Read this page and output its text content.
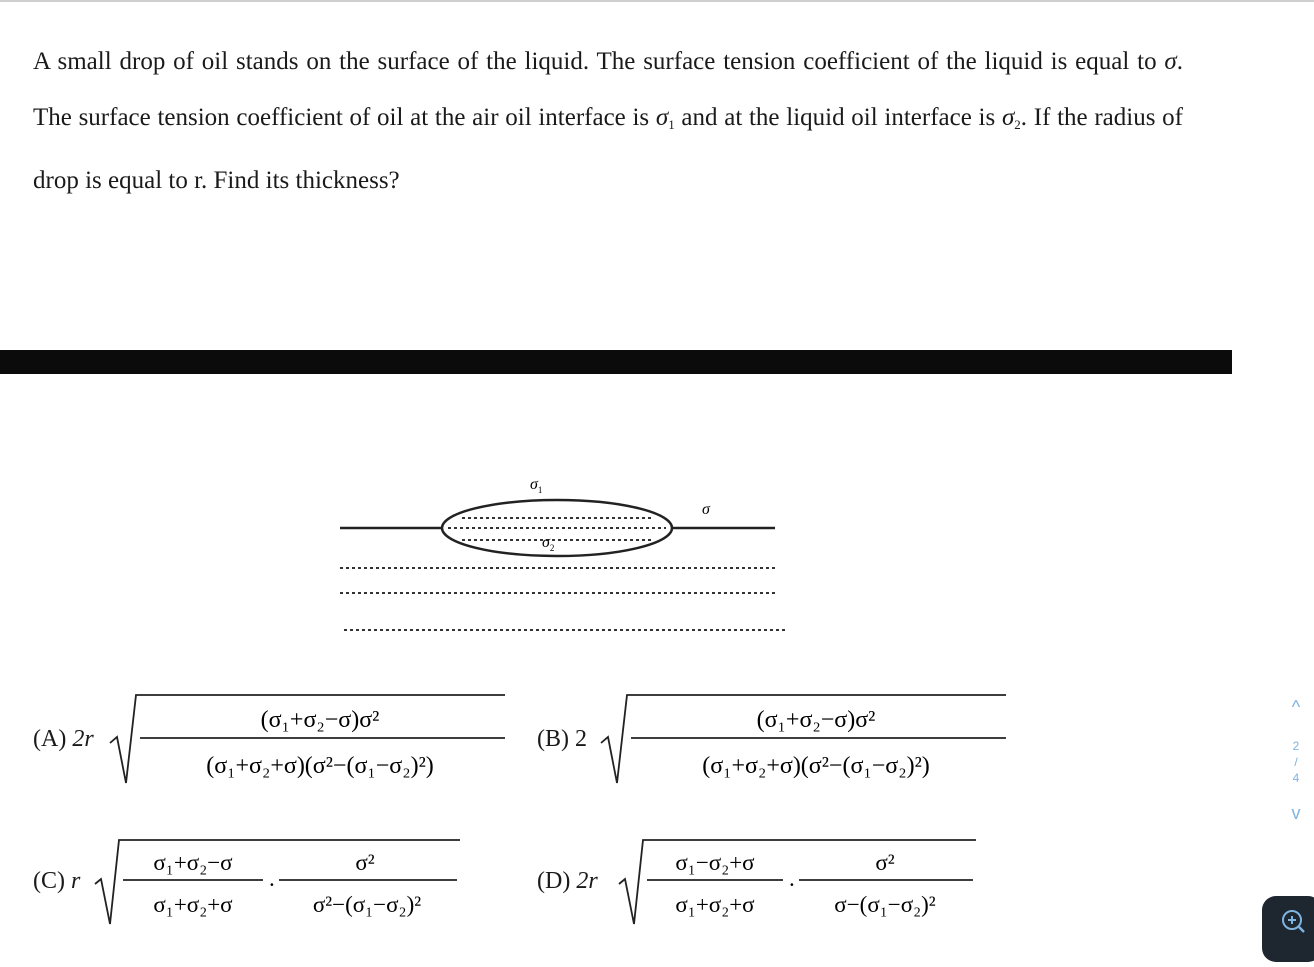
A small drop of oil stands on the surface of the liquid. The surface tension coefficient of the liquid is equal to σ. The surface tension coefficient of oil at the air oil interface is $\sigma_1$ and at the liquid oil interface is $\sigma_2$. If the radius of drop is equal to r. Find its thickness?
$\sigma_1$
σ
$\sigma_2$
(A) 2r
(σ₁+σ₂−σ)σ²
(σ₁+σ₂+σ)(σ²−(σ₁−σ₂)²)
(B) 2
(σ₁+σ₂−σ)σ²
(σ₁+σ₂+σ)(σ²−(σ₁−σ₂)²)
(C) r
σ₁+σ₂−σ
σ₁+σ₂+σ
.
σ²
σ²−(σ₁−σ₂)²
(D) 2r
σ₁−σ₂+σ
σ₁+σ₂+σ
.
σ²
σ−(σ₁−σ₂)²
^
2
/
4
v
